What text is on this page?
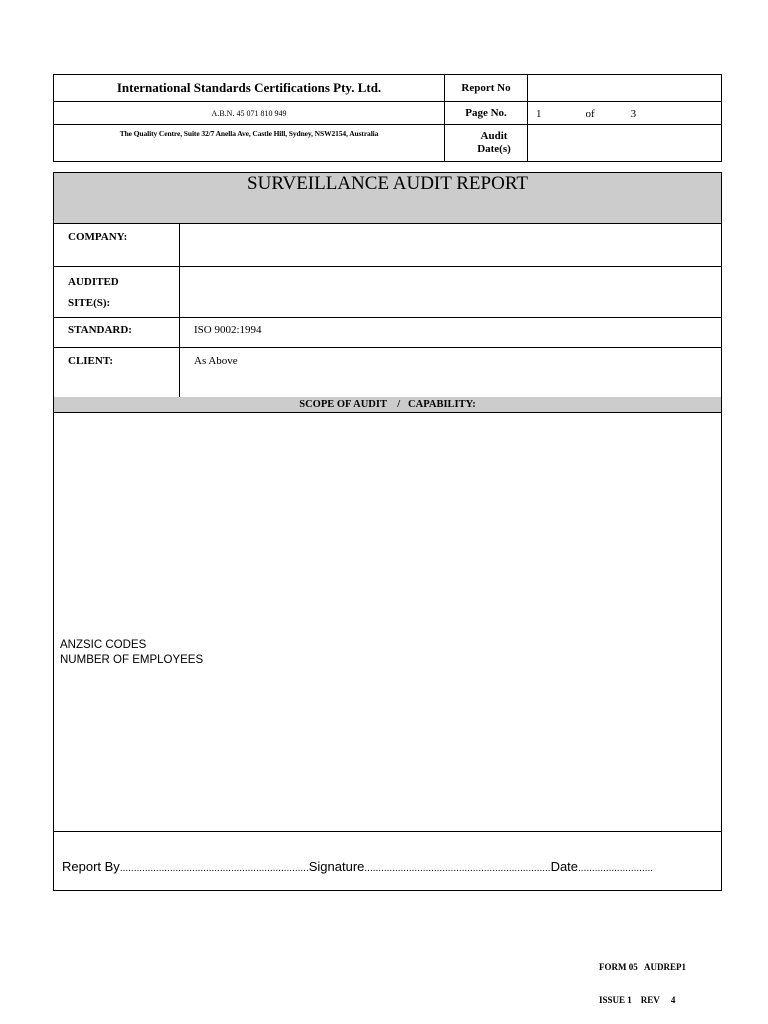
International Standards Certifications Pty. Ltd.	Report No	

A.B.N. 45 071 810 949	Page No.	1 of 3

The Quality Centre, Suite 32/7 Anella Ave, Castle Hill, Sydney, NSW2154, Australia	Audit Date(s)	

SURVEILLANCE AUDIT REPORT
COMPANY:
AUDITED
SITE(S):
STANDARD:	ISO 9002:1994
CLIENT:	As Above
SCOPE OF AUDIT    /   CAPABILITY:
ANZSIC CODES
NUMBER OF EMPLOYEES
Report By....................................................................Signature...................................................................Date...........................

FORM 05   AUDREP1

ISSUE 1    REV     4
